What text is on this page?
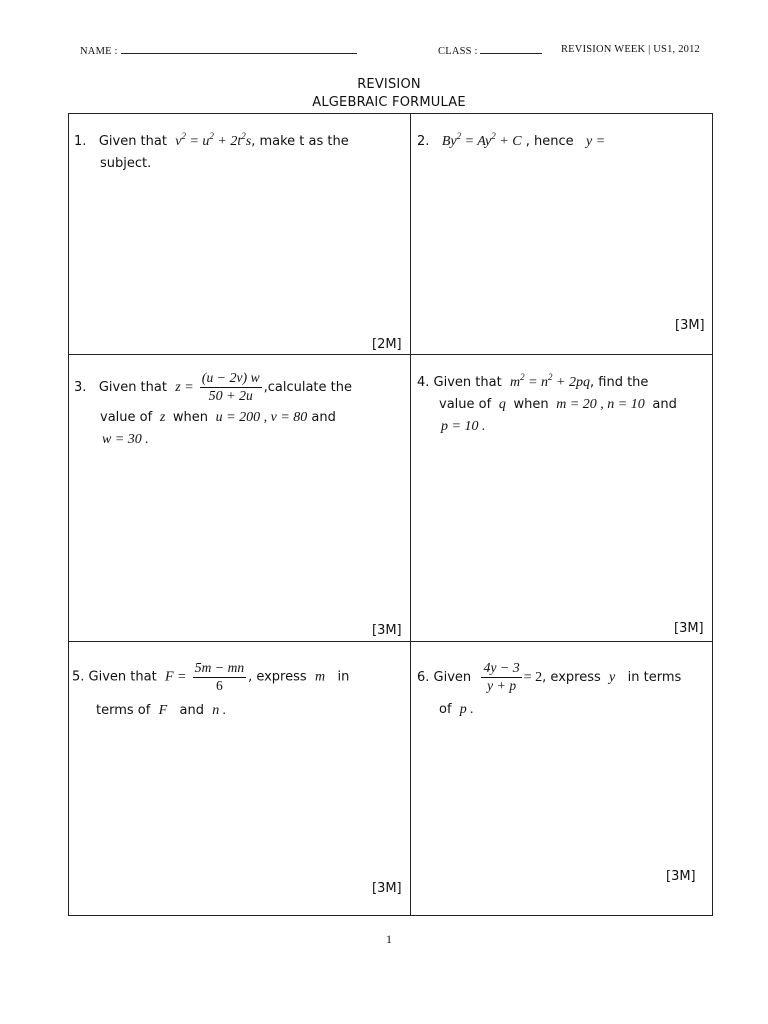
NAME :	CLASS :	REVISION WEEK | US1, 2012
REVISION
ALGEBRAIC FORMULAE
1. Given that $v^2 = u^2 + 2t^2s$, make t as the
subject.
[2M]
2. $By^2 = Ay^2 + C$ , hence y =
[3M]
3. Given that $z = \frac{(u - 2v) w}{50 + 2u}$ ,calculate the
value of  z  when  u = 200 , v = 80 and
w = 30 .
[3M]
4. Given that $m^2 = n^2 + 2pq$, find the
value of  q  when  m = 20 , n = 10 and
p = 10 .
[3M]
5. Given that $F = \frac{5m - mn}{6}$ , express m in
terms of F and n .
[3M]
6. Given $\frac{4y - 3}{y + p} = 2$, express y in terms
of p .
[3M]
1
